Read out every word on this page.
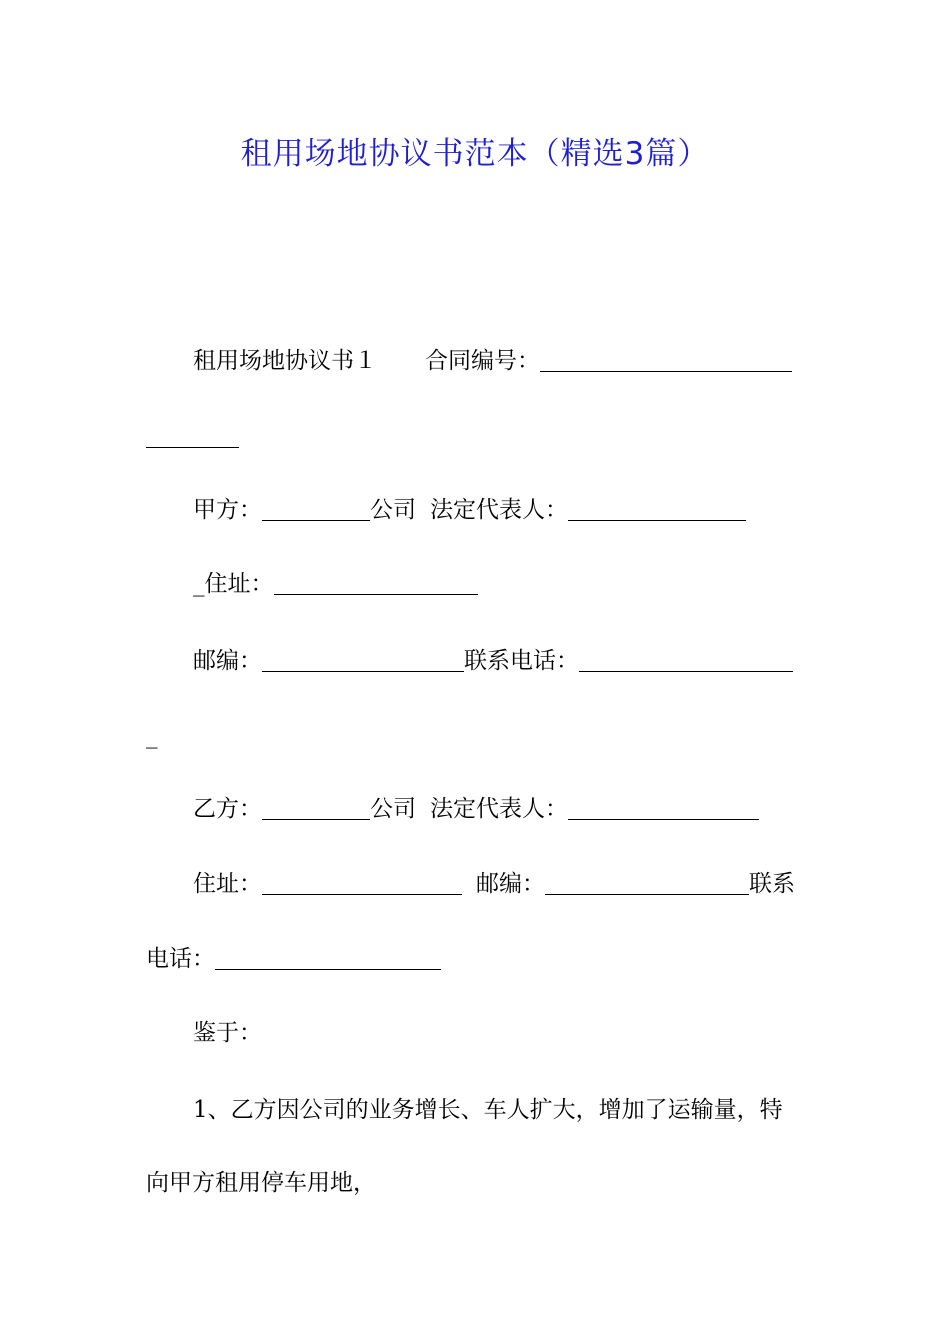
租用场地协议书范本（精选3篇）
租用场地协议书１ 合同编号：
甲方：	公司 法定代表人：
_住址：
邮编：	联系电话：
_
乙方：	公司 法定代表人：
住址：	邮编：	联系
电话：
鉴于：
1、乙方因公司的业务增长、车人扩大，增加了运输量，特
向甲方租用停车用地，
